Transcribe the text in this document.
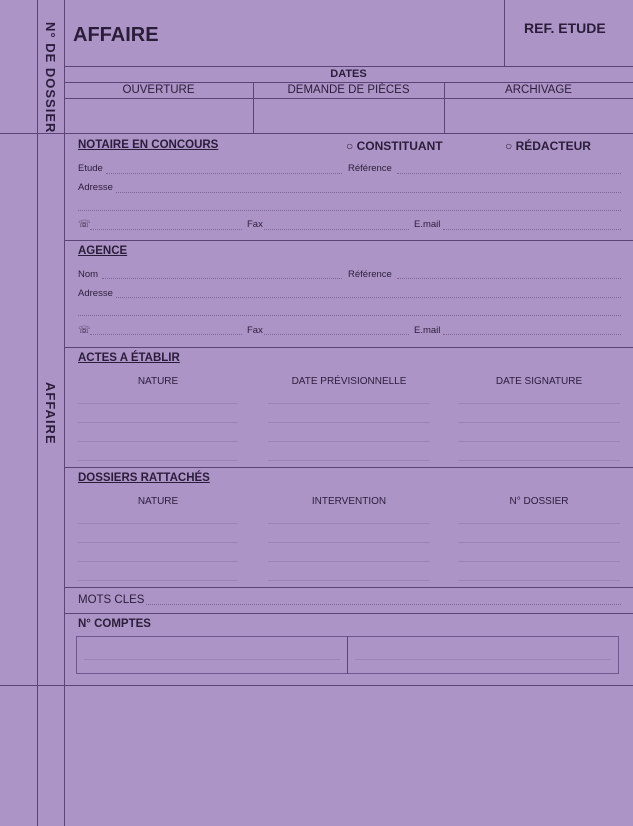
N° DE DOSSIER AFFAIRE	REF. ETUDE
DATES
OUVERTURE	DEMANDE DE PIÈCES	ARCHIVAGE
AFFAIRE
NOTAIRE EN CONCOURS	○ CONSTITUANT	○ RÉDACTEUR
Etude	Référence
Adresse
☏	Fax	E.mail
AGENCE
Nom	Référence
Adresse
☏	Fax	E.mail
ACTES A ÉTABLIR
NATURE	DATE PRÉVISIONNELLE	DATE SIGNATURE
DOSSIERS RATTACHÉS
NATURE	INTERVENTION	N° DOSSIER
MOTS CLES
N° COMPTES
